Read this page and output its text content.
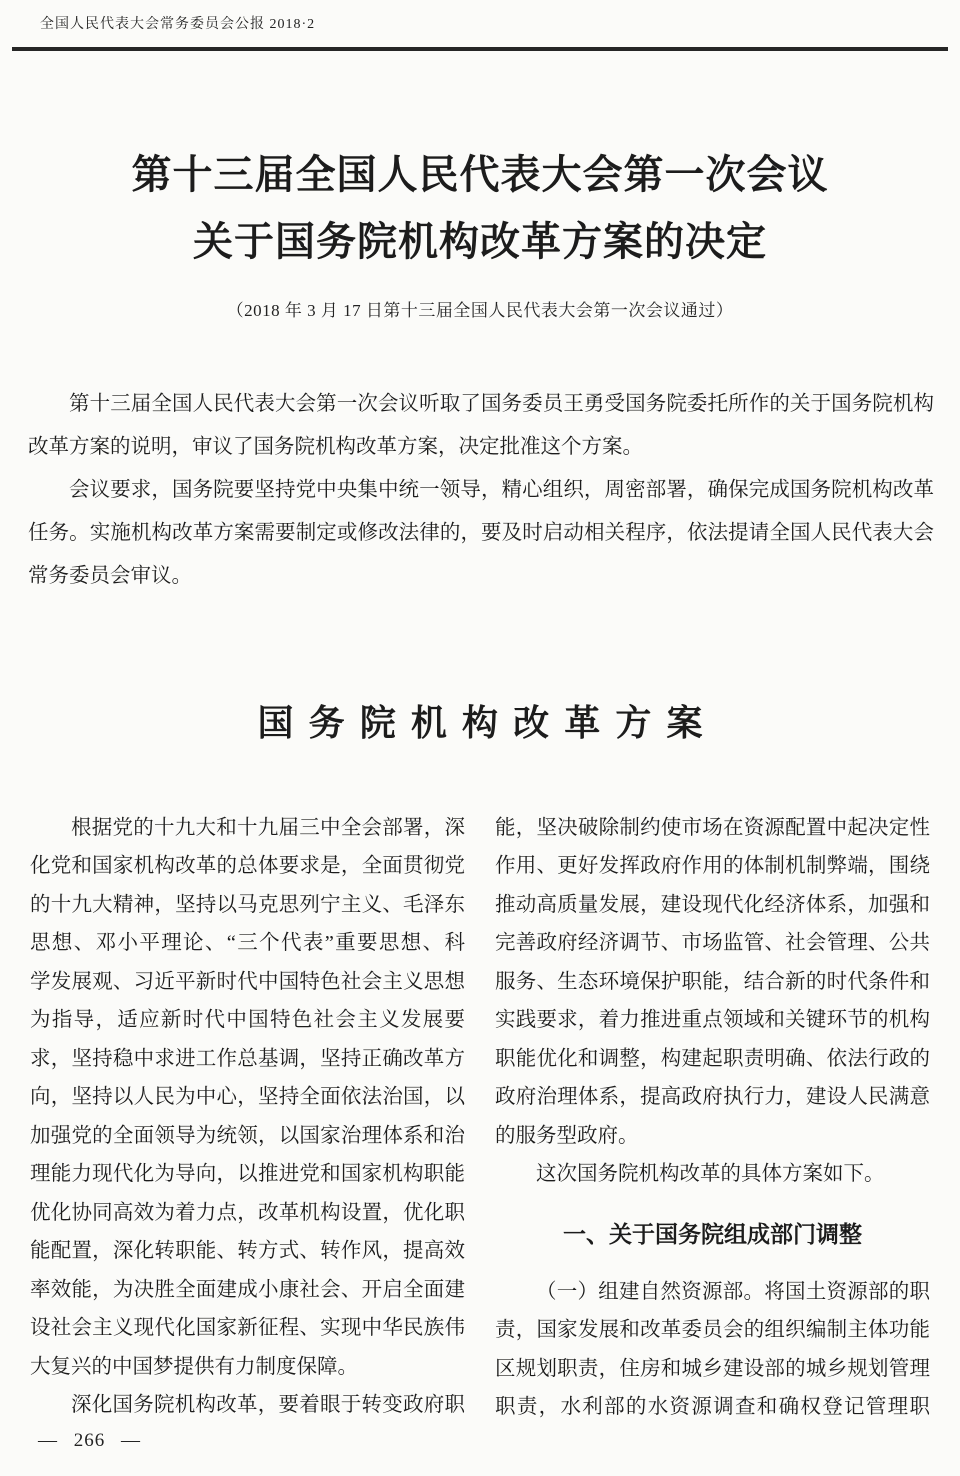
全国人民代表大会常务委员会公报 2018·2
第十三届全国人民代表大会第一次会议
关于国务院机构改革方案的决定
（2018 年 3 月 17 日第十三届全国人民代表大会第一次会议通过）

第十三届全国人民代表大会第一次会议听取了国务委员王勇受国务院委托所作的关于国务院机构改革方案的说明，审议了国务院机构改革方案，决定批准这个方案。

会议要求，国务院要坚持党中央集中统一领导，精心组织，周密部署，确保完成国务院机构改革任务。实施机构改革方案需要制定或修改法律的，要及时启动相关程序，依法提请全国人民代表大会常务委员会审议。

国务院机构改革方案
根据党的十九大和十九届三中全会部署，深
化党和国家机构改革的总体要求是，全面贯彻党
的十九大精神，坚持以马克思列宁主义、毛泽东
思想、邓小平理论、“三个代表”重要思想、科
学发展观、习近平新时代中国特色社会主义思想
为指导，适应新时代中国特色社会主义发展要
求，坚持稳中求进工作总基调，坚持正确改革方
向，坚持以人民为中心，坚持全面依法治国，以
加强党的全面领导为统领，以国家治理体系和治
理能力现代化为导向，以推进党和国家机构职能
优化协同高效为着力点，改革机构设置，优化职
能配置，深化转职能、转方式、转作风，提高效
率效能，为决胜全面建成小康社会、开启全面建
设社会主义现代化国家新征程、实现中华民族伟
大复兴的中国梦提供有力制度保障。
深化国务院机构改革，要着眼于转变政府职
能，坚决破除制约使市场在资源配置中起决定性
作用、更好发挥政府作用的体制机制弊端，围绕
推动高质量发展，建设现代化经济体系，加强和
完善政府经济调节、市场监管、社会管理、公共
服务、生态环境保护职能，结合新的时代条件和
实践要求，着力推进重点领域和关键环节的机构
职能优化和调整，构建起职责明确、依法行政的
政府治理体系，提高政府执行力，建设人民满意
的服务型政府。
这次国务院机构改革的具体方案如下。
一、关于国务院组成部门调整
（一）组建自然资源部。将国土资源部的职
责，国家发展和改革委员会的组织编制主体功能
区规划职责，住房和城乡建设部的城乡规划管理
职责，水利部的水资源调查和确权登记管理职
— 266 —
